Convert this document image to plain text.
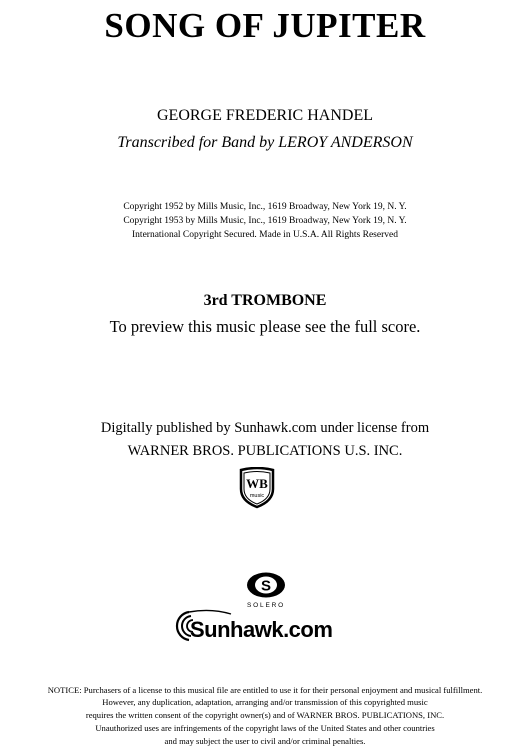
SONG OF JUPITER
GEORGE FREDERIC HANDEL
Transcribed for Band by LEROY ANDERSON
Copyright 1952 by Mills Music, Inc., 1619 Broadway, New York 19, N. Y.
Copyright 1953 by Mills Music, Inc., 1619 Broadway, New York 19, N. Y.
International Copyright Secured. Made in U.S.A. All Rights Reserved
3rd TROMBONE
To preview this music please see the full score.
Digitally published by Sunhawk.com under license from
WARNER BROS. PUBLICATIONS U.S. INC.
WB
music
S
SOLERO
Sunhawk.com
NOTICE: Purchasers of a license to this musical file are entitled to use it for their personal enjoyment and musical fulfillment.
However, any duplication, adaptation, arranging and/or transmission of this copyrighted music
requires the written consent of the copyright owner(s) and of WARNER BROS. PUBLICATIONS, INC.
Unauthorized uses are infringements of the copyright laws of the United States and other countries
and may subject the user to civil and/or criminal penalties.
